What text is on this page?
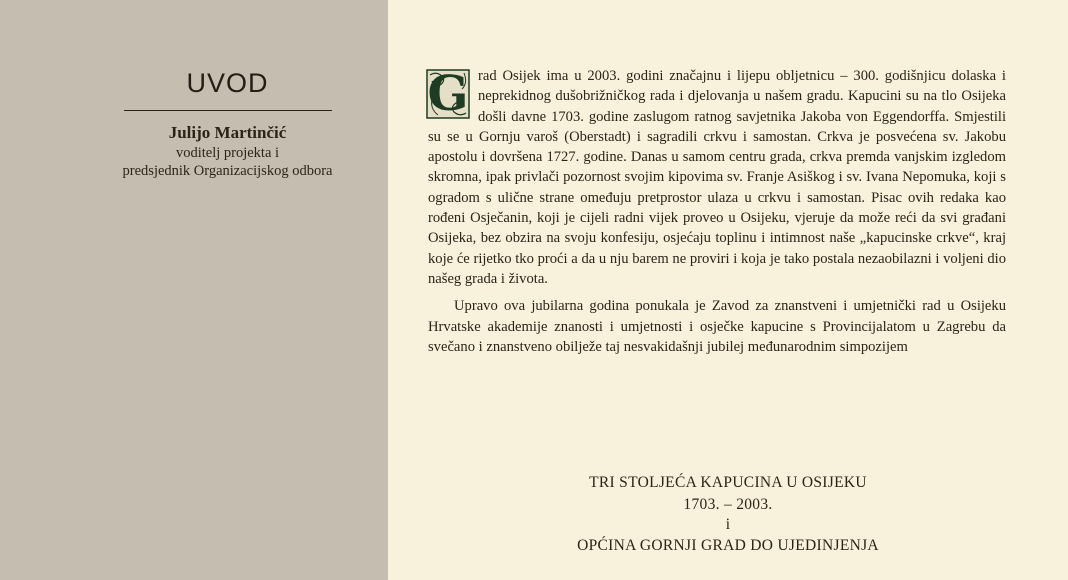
UVOD
Julijo Martinčić
voditelj projekta i
predsjednik Organizacijskog odbora

G rad Osijek ima u 2003. godini značajnu i lijepu obljetnicu – 300. godišnjicu dolaska i neprekidnog dušobrižničkog rada i djelovanja u našem gradu. Kapucini su na tlo Osijeka došli davne 1703. godine zaslugom ratnog savjetnika Jakoba von Eggendorffa. Smjestili su se u Gornju varoš (Oberstadt) i sagradili crkvu i samostan. Crkva je posvećena sv. Jakobu apostolu i dovršena 1727. godine. Danas u samom centru grada, crkva premda vanjskim izgledom skromna, ipak privlači pozornost svojim kipovima sv. Franje Asiškog i sv. Ivana Nepomuka, koji s ogradom s ulične strane omeđuju pretprostor ulaza u crkvu i samostan. Pisac ovih redaka kao rođeni Osječanin, koji je cijeli radni vijek proveo u Osijeku, vjeruje da može reći da svi građani Osijeka, bez obzira na svoju konfesiju, osjećaju toplinu i intimnost naše „kapucinske crkve“, kraj koje će rijetko tko proći a da u nju barem ne proviri i koja je tako postala nezaobilazni i voljeni dio našeg grada i života.

Upravo ova jubilarna godina ponukala je Zavod za znanstveni i umjetnički rad u Osijeku Hrvatske akademije znanosti i umjetnosti i osječke kapucine s Provincijalatom u Zagrebu da svečano i znanstveno obilježe taj nesvakidašnji jubilej međunarodnim simpozijem

TRI STOLJEĆA KAPUCINA U OSIJEKU
1703. – 2003.
i
OPĆINA GORNJI GRAD DO UJEDINJENJA
